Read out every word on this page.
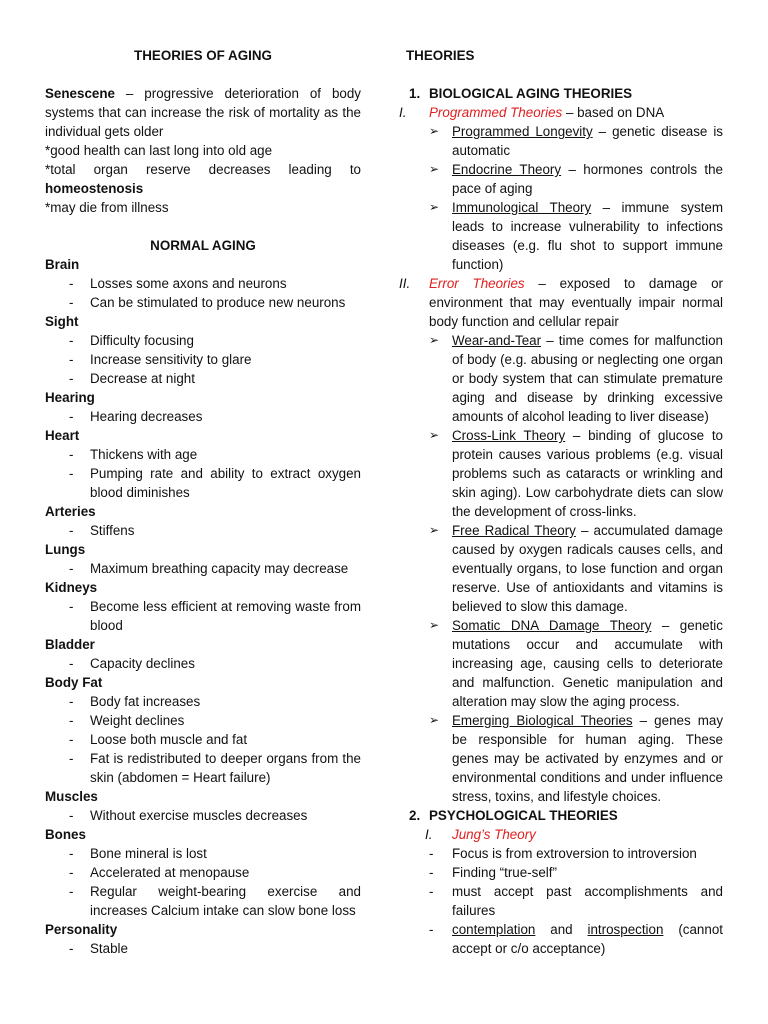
THEORIES OF AGING
Senescene – progressive deterioration of body systems that can increase the risk of mortality as the individual gets older
*good health can last long into old age
*total organ reserve decreases leading to
homeostenosis
*may die from illness
NORMAL AGING
Brain
- Losses some axons and neurons
- Can be stimulated to produce new neurons
Sight
- Difficulty focusing
- Increase sensitivity to glare
- Decrease at night
Hearing
- Hearing decreases
Heart
- Thickens with age
- Pumping rate and ability to extract oxygen blood diminishes
Arteries
- Stiffens
Lungs
- Maximum breathing capacity may decrease
Kidneys
- Become less efficient at removing waste from blood
Bladder
- Capacity declines
Body Fat
- Body fat increases
- Weight declines
- Loose both muscle and fat
- Fat is redistributed to deeper organs from the skin (abdomen = Heart failure)
Muscles
- Without exercise muscles decreases
Bones
- Bone mineral is lost
- Accelerated at menopause
- Regular weight-bearing exercise and increases Calcium intake can slow bone loss
Personality
- Stable
THEORIES
1. BIOLOGICAL AGING THEORIES
I. Programmed Theories – based on DNA
➢ Programmed Longevity – genetic disease is automatic
➢ Endocrine Theory – hormones controls the pace of aging
➢ Immunological Theory – immune system leads to increase vulnerability to infections diseases (e.g. flu shot to support immune function)
II. Error Theories – exposed to damage or environment that may eventually impair normal body function and cellular repair
➢ Wear-and-Tear – time comes for malfunction of body (e.g. abusing or neglecting one organ or body system that can stimulate premature aging and disease by drinking excessive amounts of alcohol leading to liver disease)
➢ Cross-Link Theory – binding of glucose to protein causes various problems (e.g. visual problems such as cataracts or wrinkling and skin aging). Low carbohydrate diets can slow the development of cross-links.
➢ Free Radical Theory – accumulated damage caused by oxygen radicals causes cells, and eventually organs, to lose function and organ reserve. Use of antioxidants and vitamins is believed to slow this damage.
➢ Somatic DNA Damage Theory – genetic mutations occur and accumulate with increasing age, causing cells to deteriorate and malfunction. Genetic manipulation and alteration may slow the aging process.
➢ Emerging Biological Theories – genes may be responsible for human aging. These genes may be activated by enzymes and or environmental conditions and under influence stress, toxins, and lifestyle choices.
2. PSYCHOLOGICAL THEORIES
I. Jung’s Theory
- Focus is from extroversion to introversion
- Finding “true-self”
- must accept past accomplishments and failures
- contemplation and introspection (cannot accept or c/o acceptance)
